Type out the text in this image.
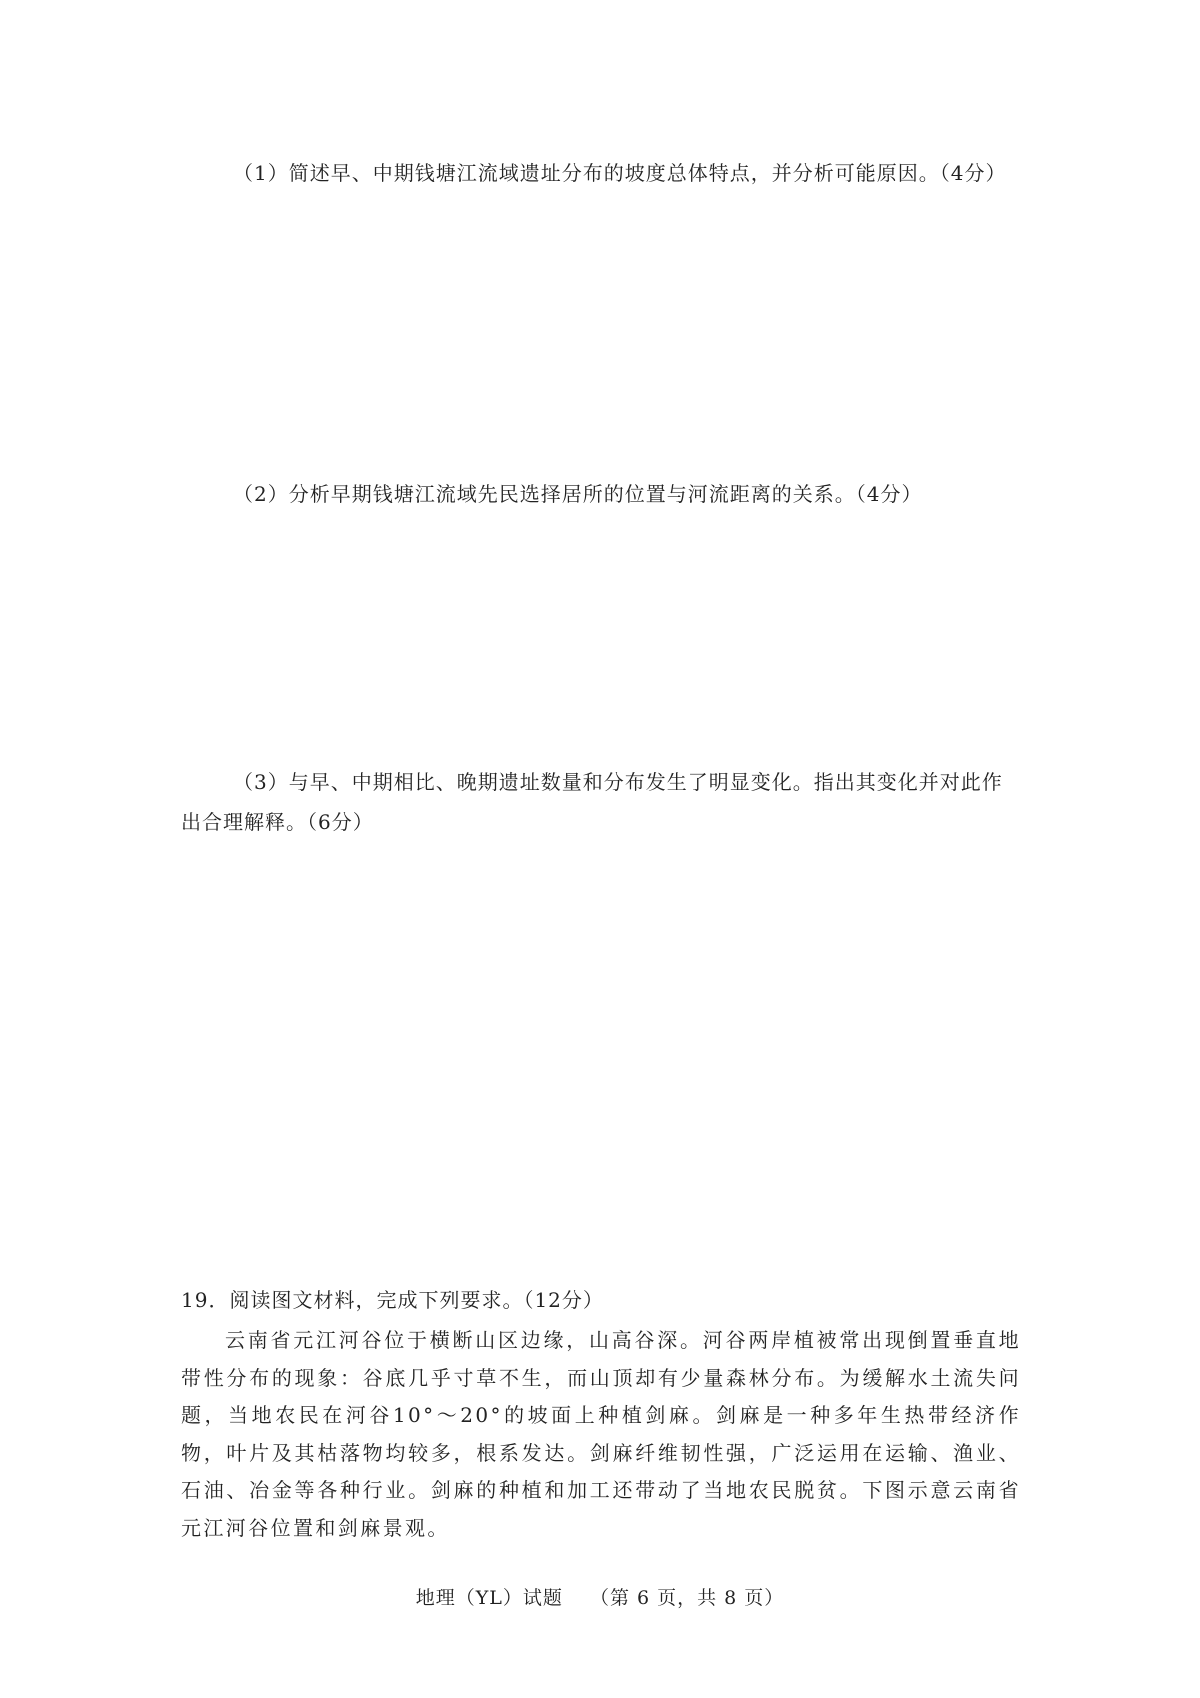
（1）简述早、中期钱塘江流域遗址分布的坡度总体特点，并分析可能原因。（4分）
（2）分析早期钱塘江流域先民选择居所的位置与河流距离的关系。（4分）
（3）与早、中期相比、晚期遗址数量和分布发生了明显变化。指出其变化并对此作出合理解释。（6分）
19．阅读图文材料，完成下列要求。（12分）
云南省元江河谷位于横断山区边缘，山高谷深。河谷两岸植被常出现倒置垂直地带性分布的现象：谷底几乎寸草不生，而山顶却有少量森林分布。为缓解水土流失问题，当地农民在河谷10°～20°的坡面上种植剑麻。剑麻是一种多年生热带经济作物，叶片及其枯落物均较多，根系发达。剑麻纤维韧性强，广泛运用在运输、渔业、石油、冶金等各种行业。剑麻的种植和加工还带动了当地农民脱贫。下图示意云南省元江河谷位置和剑麻景观。
地理（YL）试题 （第 6 页，共 8 页）
